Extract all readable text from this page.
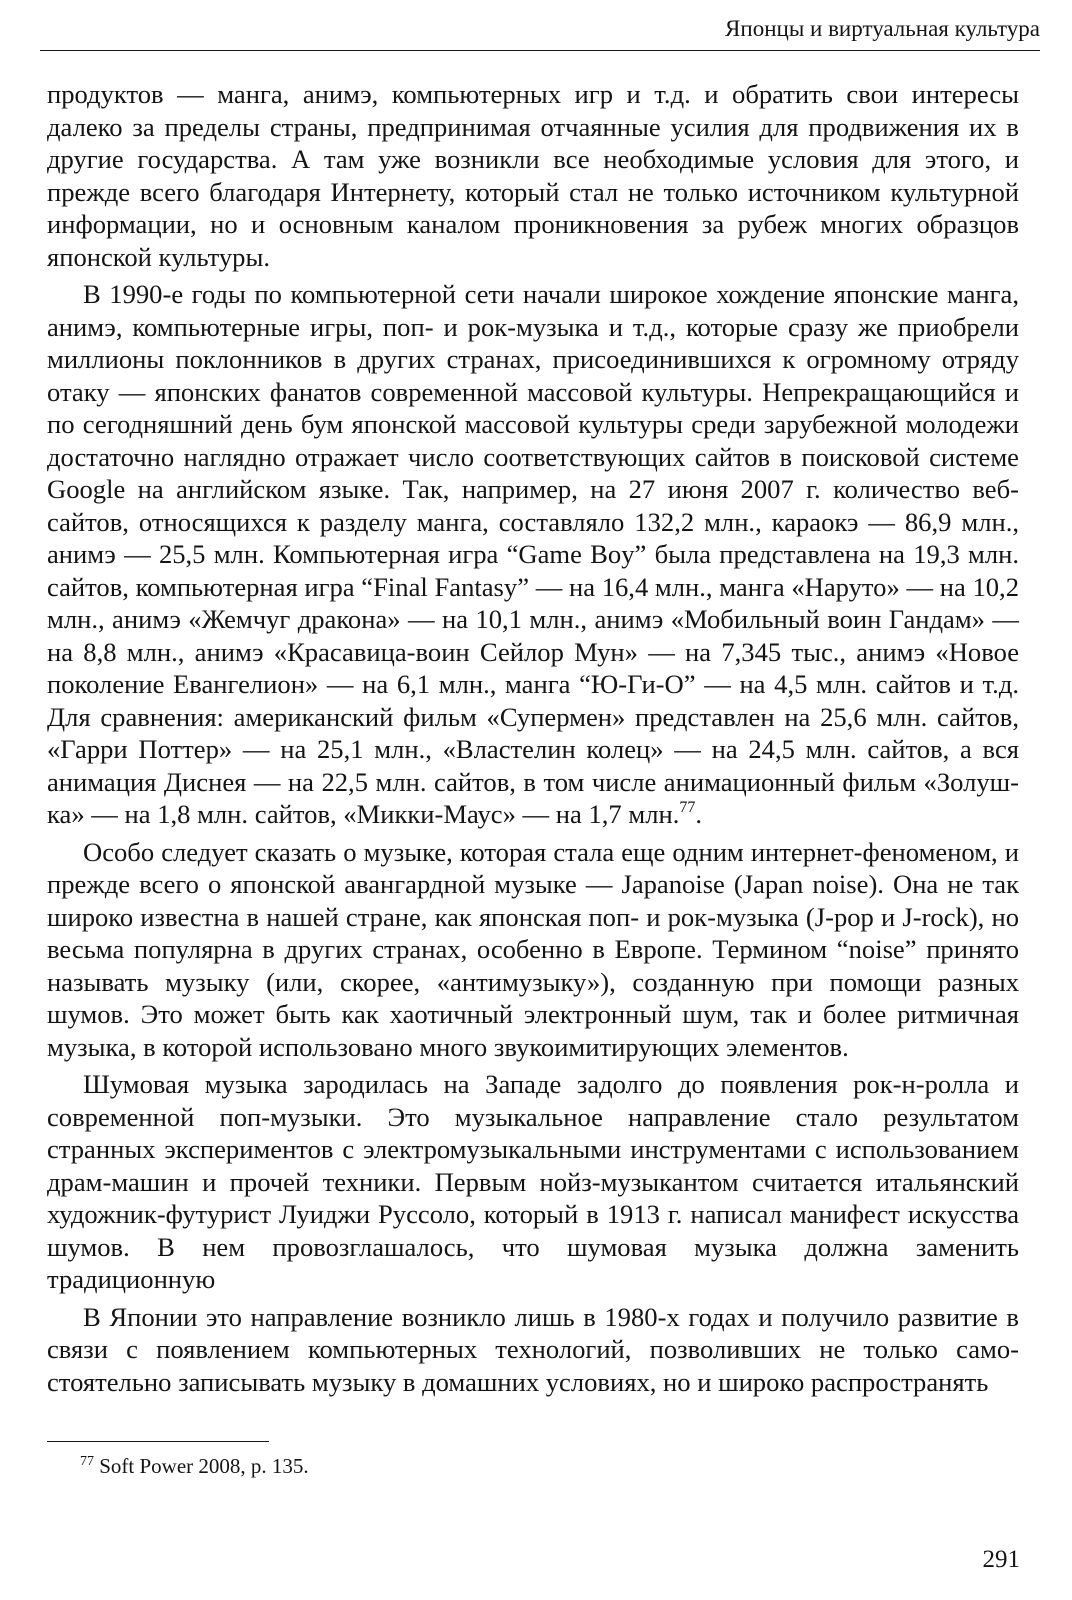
Японцы и виртуальная культура

продуктов — манга, анимэ, компьютерных игр и т.д. и обратить свои интересы далеко за пределы страны, предпринимая отчаянные усилия для продвижения их в другие государства. А там уже возникли все необходимые условия для этого, и прежде всего благодаря Интернету, который стал не только источником культурной информации, но и основным каналом проникновения за рубеж многих образцов японской культуры.

В 1990-е годы по компьютерной сети начали широкое хождение японские манга, анимэ, компьютерные игры, поп- и рок-музыка и т.д., которые сразу же приобрели миллионы поклонников в других странах, присоединившихся к огромному отряду отаку — японских фанатов современной массовой культуры. Непрекращающийся и по сегодняшний день бум японской массовой культуры среди зарубежной молодежи достаточно наглядно отражает число соответствующих сайтов в поисковой системе Google на английском языке. Так, например, на 27 июня 2007 г. количество веб-сайтов, относящихся к разделу манга, составляло 132,2 млн., караокэ — 86,9 млн., анимэ — 25,5 млн. Компьютерная игра “Game Boy” была представлена на 19,3 млн. сайтов, компьютерная игра “Final Fantasy” — на 16,4 млн., манга «Наруто» — на 10,2 млн., анимэ «Жемчуг дракона» — на 10,1 млн., анимэ «Мобильный воин Гандам» — на 8,8 млн., анимэ «Красавица-воин Сейлор Мун» — на 7,345 тыс., анимэ «Новое поколение Евангелион» — на 6,1 млн., манга “Ю-Ги-О” — на 4,5 млн. сайтов и т.д. Для сравнения: американский фильм «Супермен» представлен на 25,6 млн. сайтов, «Гарри Поттер» — на 25,1 млн., «Властелин колец» — на 24,5 млн. сайтов, а вся анимация Диснея — на 22,5 млн. сайтов, в том числе анимационный фильм «Золушка» — на 1,8 млн. сайтов, «Микки-Маус» — на 1,7 млн.$^{77}$.

Особо следует сказать о музыке, которая стала еще одним интернет-феноменом, и прежде всего о японской авангардной музыке — Japanoise (Japan noise). Она не так широко известна в нашей стране, как японская поп- и рок-музыка (J-pop и J-rock), но весьма популярна в других странах, особенно в Европе. Термином “noise” принято называть музыку (или, скорее, «антимузыку»), созданную при помощи разных шумов. Это может быть как хаотичный электронный шум, так и более ритмичная музыка, в которой использовано много звукоимитирующих элементов.

Шумовая музыка зародилась на Западе задолго до появления рок-н-ролла и современной поп-музыки. Это музыкальное направление стало результатом странных экспериментов с электромузыкальными инструментами с использованием драм-машин и прочей техники. Первым нойз-музыкантом считается итальянский художник-футурист Луиджи Руссоло, который в 1913 г. написал манифест искусства шумов. В нем провозглашалось, что шумовая музыка должна заменить традиционную

В Японии это направление возникло лишь в 1980-х годах и получило развитие в связи с появлением компьютерных технологий, позволивших не только самостоятельно записывать музыку в домашних условиях, но и широко распространять

$^{77}$ Soft Power 2008, p. 135.
291
